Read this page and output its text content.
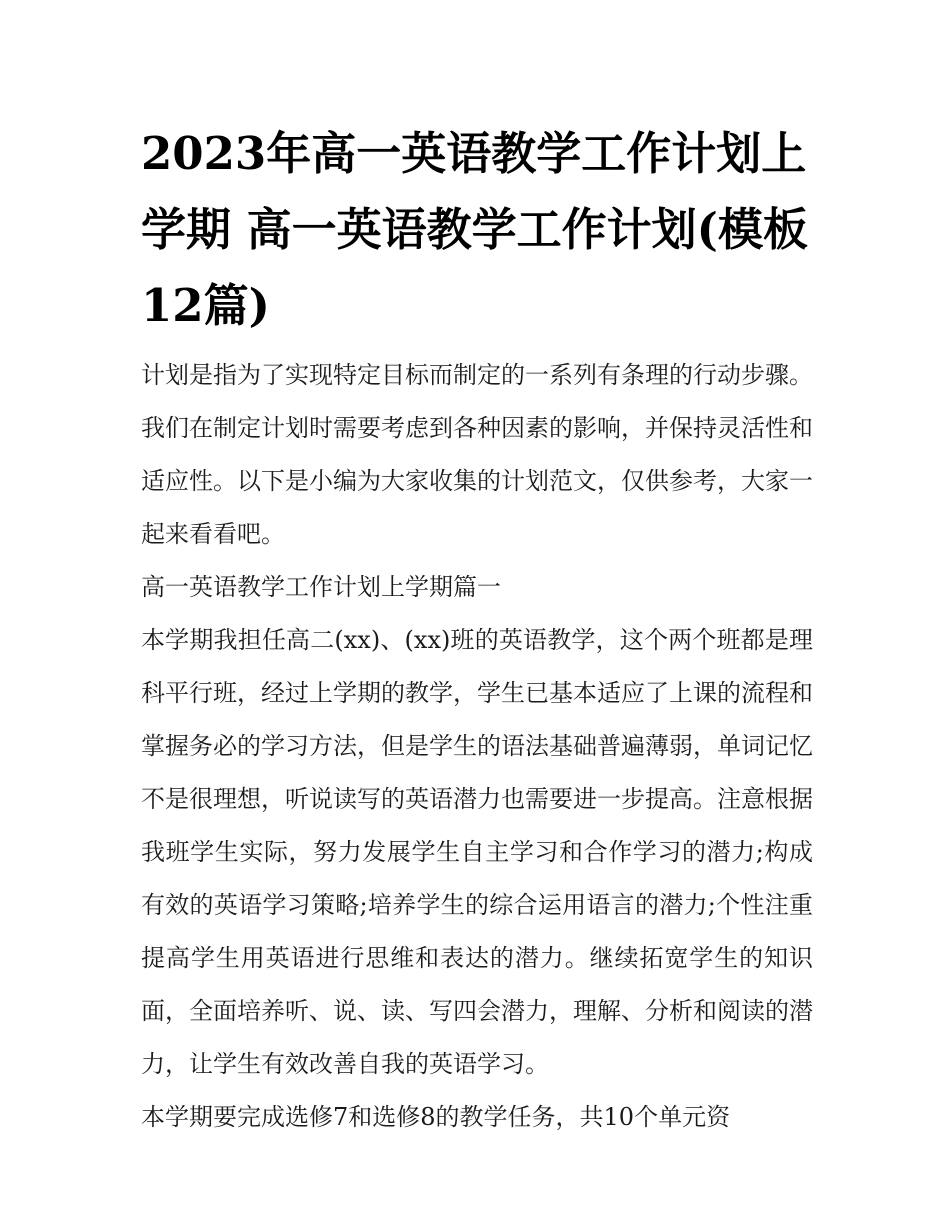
2023年高一英语教学工作计划上学期 高一英语教学工作计划(模板12篇)

计划是指为了实现特定目标而制定的一系列有条理的行动步骤。我们在制定计划时需要考虑到各种因素的影响，并保持灵活性和适应性。以下是小编为大家收集的计划范文，仅供参考，大家一起来看看吧。

高一英语教学工作计划上学期篇一

本学期我担任高二(xx)、(xx)班的英语教学，这个两个班都是理科平行班，经过上学期的教学，学生已基本适应了上课的流程和掌握务必的学习方法，但是学生的语法基础普遍薄弱，单词记忆不是很理想，听说读写的英语潜力也需要进一步提高。注意根据我班学生实际，努力发展学生自主学习和合作学习的潜力;构成有效的英语学习策略;培养学生的综合运用语言的潜力;个性注重提高学生用英语进行思维和表达的潜力。继续拓宽学生的知识面，全面培养听、说、读、写四会潜力，理解、分析和阅读的潜力，让学生有效改善自我的英语学习。

本学期要完成选修7和选修8的教学任务，共10个单元资
